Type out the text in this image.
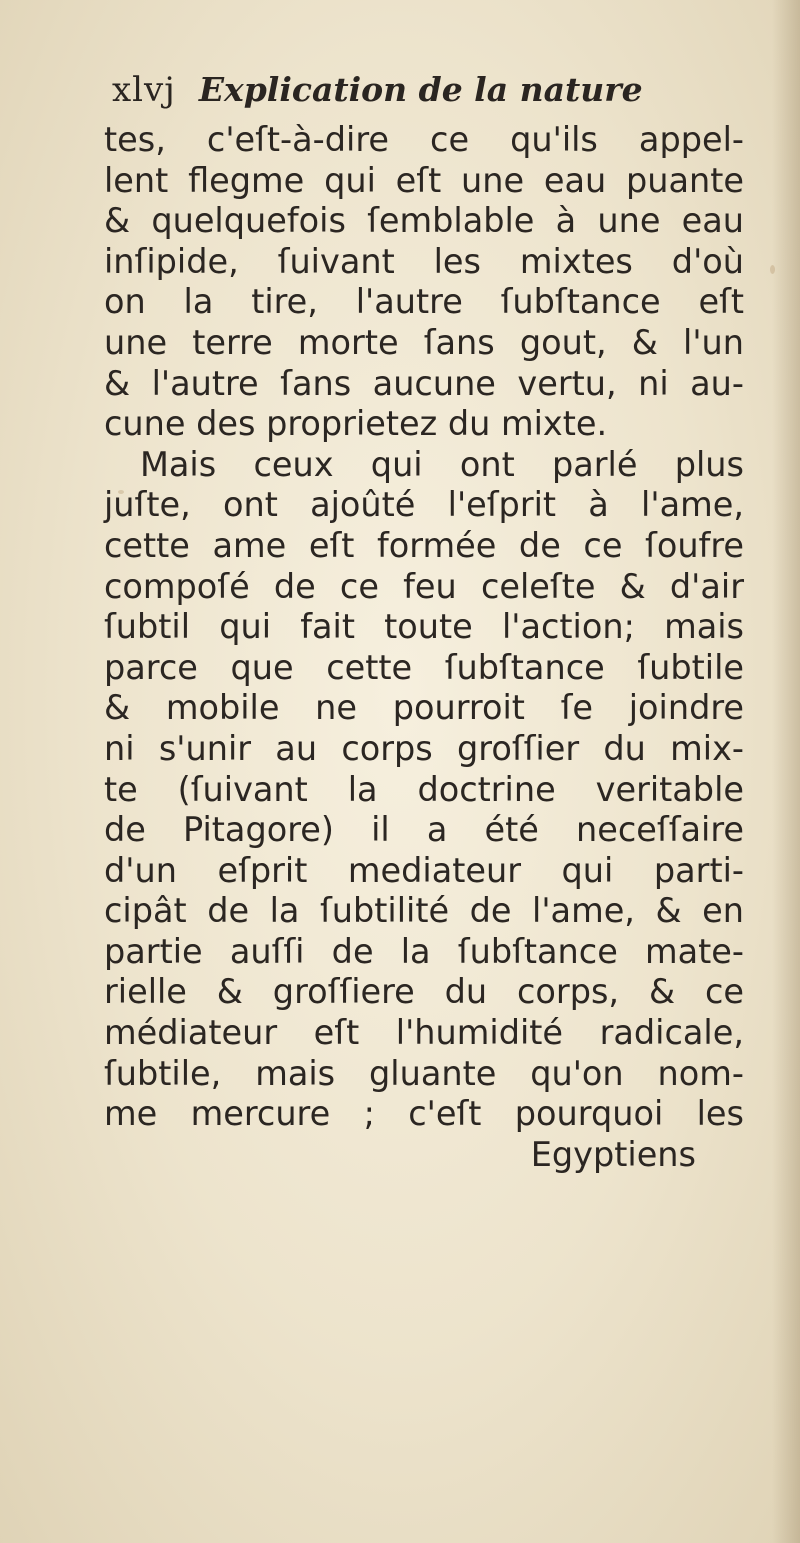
xlvj Explication de la nature
tes, c'eſt-à-dire ce qu'ils appel-
lent flegme qui eſt une eau puante
& quelquefois ſemblable à une eau
inſipide, ſuivant les mixtes d'où
on la tire, l'autre ſubſtance eſt
une terre morte ſans gout, & l'un
& l'autre ſans aucune vertu, ni au-
cune des proprietez du mixte.
Mais ceux qui ont parlé plus
juſte, ont ajoûté l'eſprit à l'ame,
cette ame eſt formée de ce ſoufre
compoſé de ce feu celeſte & d'air
ſubtil qui fait toute l'action; mais
parce que cette ſubſtance ſubtile
& mobile ne pourroit ſe joindre
ni s'unir au corps groſſier du mix-
te (ſuivant la doctrine veritable
de Pitagore) il a été neceſſaire
d'un eſprit mediateur qui parti-
cipât de la ſubtilité de l'ame, & en
partie auſſi de la ſubſtance mate-
rielle & groſſiere du corps, & ce
médiateur eſt l'humidité radicale,
ſubtile, mais gluante qu'on nom-
me mercure ; c'eſt pourquoi les
Egyptiens
